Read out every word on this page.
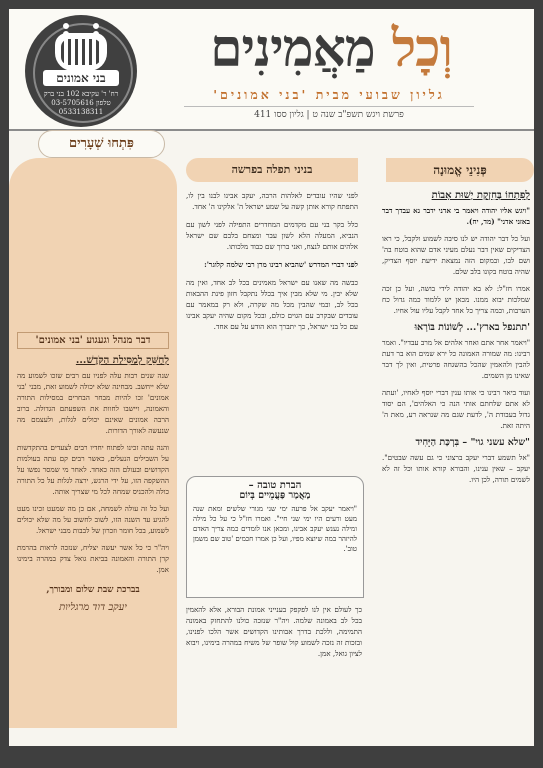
בני אמונים
רח' ר' עקיבא 102 בני ברק
טלפון 03-5705616
0533138311
וְכָל מַאֲמִינִים
גליון שבועי מבית 'בני אמונים'
פרשת ויגש תשפ"ב שנה ט | גליון ססו 411
דבר מנהל וגעגוע 'בני אמונים'
לְחַשֵּׁק לְמַסִּילַת הַקֹּדֶשׁ...

שנה שנים רבות עלה לפניו עם רבים שזכו לשמוע מה שלא ייחשב. מבחינה שלא יכולה לשמוע זאת, מבני 'בני אמונים' זכו להיות מבחר הבחרים במסילות התורה והאמונה, ויישבו לחוות את השפעתם הגדולה. ברוב הרבה אמונים שאינם יכולים לגלות, ולעצמם מה שנעשה לאורך הדורות.

והנה עתה זכינו לפתוח יחדיו רבים לצעדים בהתקדשות על השבילים הנעלים, כאשר רבים קם עתה בעולמות הקדושים ובעולם הזה כאחד. לאחר מי שמסר נפשו על ההשקפה הזו, על ידי הרגש, ירצה לגלות על כל התורה כולה ולהכניס שמחה לכל מי שצריך אותה.

ועל כל זה עולה לשמחה, אם כן מה שמעט זכינו מעט להגיע עד השנה הזו, לשוב לחשוב על מה שלא יכולים לשמוע, בכל חומר וזכרון של לבבות מבני ישראל.

ויה"ר כי כל אשר יעשה יצליח, שנזכה לראות בהרמת קרן התורה והאמונה בביאת גואל צדק במהרה בימינו אמן.

בברכת שבת שלום ומבורך,
יעקב דוד מרגליות
פִּתְחוּ שְׁעָרִים
בניני תפלה בפרשה

לפני שהיו עובדים לאלהות הרבה, יעקב אבינו לבנו בין לו, התפתח קורא אותן קשה על שמע ישראל ה' אלקינו ה' אחד.

כלל בקר בני עם מקדמים המחדרים התפילה לפני לשון עם הנביא, המעלה הלא לשון עבר ומצחם בלבם שם ישראל אלהים אותם לנצח, ואני ברוך שם כבוד מלכותו.

לפני דברי המדרש 'שהביא רבינו מרן רבי שלמה קלוגר':

כבשה מה שאנו עם ישראל מאמינים בכל לב אחד, ואין מה שלא יבין. מי שלא מבין איך בכלל נתקבל חזון פינת ההבאות בכל לב, ובמי שהבין מכל מה שקרה, ולא רק במאמר עם עובדים שבקרב עם הגוים כולם, ובכל מקום שהיה יעקב אבינו עם כל בני ישראל, כך יתברך הוא הודע על עם אחד.

הברת טובה –
מַאֲמַר פַּעֲמֵיים בְּיוֹם
"ויאמר יעקב אל פרעה ימי שני מגורי שלשים ומאת שנה מעט ורעים היו ימי שני חיי". ואמרו חז"ל כי על כל מילה ומילה נענש יעקב אבינו, ומכאן אנו לומדים כמה צריך האדם להיזהר במה שיוצא מפיו, ועל כן אמרו חכמים 'טוב שם משמן טוב'.
כך לעולם אין לנו לפקפק בענייני אמונת הבורא, אלא להאמין בכל לב באמונה שלמה. ויה"ר שנזכה כולנו להתחזק באמונה התמימה, וללכת בדרך אבותינו הקדושים אשר הלכו לפנינו, ובזכות זה נזכה לשמוע קול שופר של משיח במהרה בימינו, ויבוא לציון גואל, אמן.
פְּנִינֵי אֱמוּנָה
לְפִתְחוֹ בְּחִזְקַת יְשׁוּת אָבוֹת

"ויגש אליו יהודה ויאמר בי אדני ידבר נא עבדך דבר באזני אדני" (מד, יח).

ועל כל דבר יהודה יש לנו סיבה לשמוע ולקבל, כי ראו הצדיקים שאין דבר נעלם מעיני אדם שהוא בוטח בה' ושם לבו, ובמקום הזה נמצאת ידיעת יוסף הצדיק, שהיה בוטח בקונו בלב שלם.

אמרו חז"ל: לא בא יהודה לידי בושה, ועל כן זכה שמלכות יבוא ממנו. מכאן יש ללמוד כמה גדול כח הערבות, וכמה צריך כל אחד לקבל עליו עול אחיו.

'תתנפל בארץ'... לְשׁוֹנוֹת בּוֹרְאוּ

"ויאמר אחר אתם ואחר אלהים אל מרב עבדיו". ואמר רבינו: מה שמורה האמונה כל ירא שמים הוא בר דעת להבין ולהאמין שהכל בהשגחה פרטית, ואין לך דבר שאינו מן השמים.

ועוד ביאר רבינו כי אותו ענין דברי יוסף לאחיו, 'ועתה לא אתם שלחתם אותי הנה כי האלהים', הם יסוד גדול בעבודת ה', לדעת שגם מה שנראה רע, מאת ה' היתה זאת.

"שלא עשני גוי" – בִּרְכַּת הַיָּחִיד

"אל תשמע דברי יעקב ברצוני כי גם עשה שבטים". יעקב – שאין ענינו, והבורא קורא אותו וכל זה לא לשמים תורה, לכן היו.
